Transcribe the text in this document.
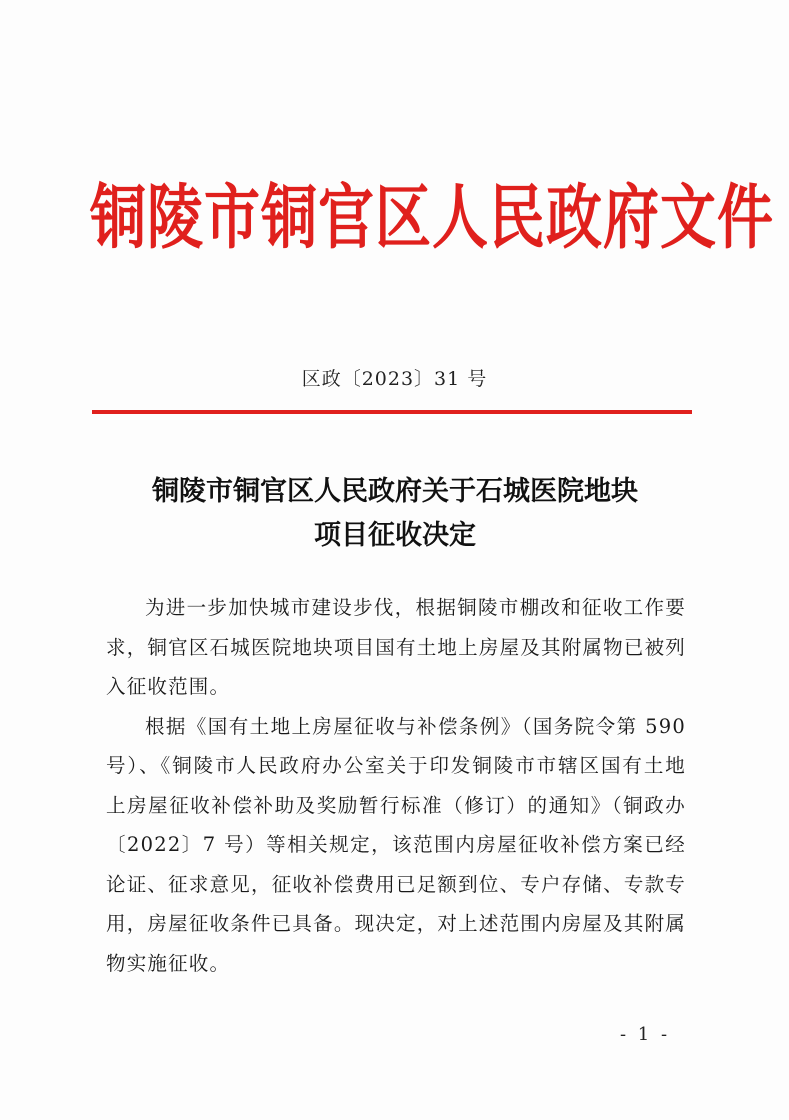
铜陵市铜官区人民政府文件
区政〔2023〕31 号
铜陵市铜官区人民政府关于石城医院地块
项目征收决定

为进一步加快城市建设步伐，根据铜陵市棚改和征收工作要求，铜官区石城医院地块项目国有土地上房屋及其附属物已被列入征收范围。

根据《国有土地上房屋征收与补偿条例》（国务院令第 590 号）、《铜陵市人民政府办公室关于印发铜陵市市辖区国有土地上房屋征收补偿补助及奖励暂行标准（修订）的通知》（铜政办〔2022〕7 号）等相关规定，该范围内房屋征收补偿方案已经论证、征求意见，征收补偿费用已足额到位、专户存储、专款专用，房屋征收条件已具备。现决定，对上述范围内房屋及其附属物实施征收。

- 1 -
